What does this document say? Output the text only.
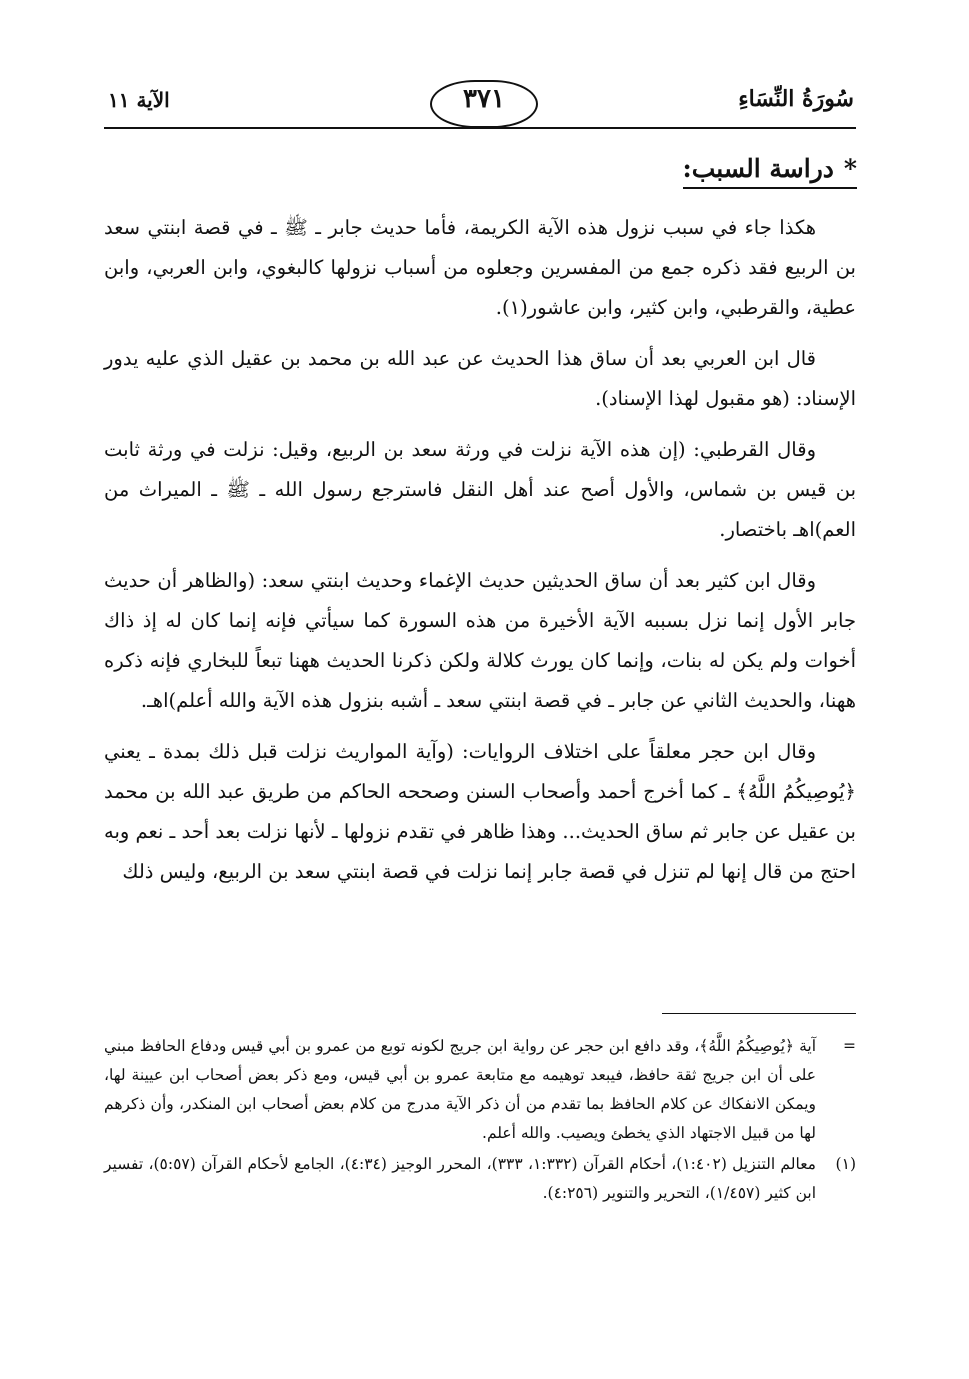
سُورَةُ النِّسَاءِ
٣٧١
الآية ١١
*دراسة السبب:

هكذا جاء في سبب نزول هذه الآية الكريمة، فأما حديث جابر ـ ﷺ ـ في قصة ابنتي سعد بن الربيع فقد ذكره جمع من المفسرين وجعلوه من أسباب نزولها كالبغوي، وابن العربي، وابن عطية، والقرطبي، وابن كثير، وابن عاشور(١).

قال ابن العربي بعد أن ساق هذا الحديث عن عبد الله بن محمد بن عقيل الذي عليه يدور الإسناد: (هو مقبول لهذا الإسناد).

وقال القرطبي: (إن هذه الآية نزلت في ورثة سعد بن الربيع، وقيل: نزلت في ورثة ثابت بن قيس بن شماس، والأول أصح عند أهل النقل فاسترجع رسول الله ـ ﷺ ـ الميراث من العم)اهـ باختصار.

وقال ابن كثير بعد أن ساق الحديثين حديث الإغماء وحديث ابنتي سعد: (والظاهر أن حديث جابر الأول إنما نزل بسببه الآية الأخيرة من هذه السورة كما سيأتي فإنه إنما كان له إذ ذاك أخوات ولم يكن له بنات، وإنما كان يورث كلالة ولكن ذكرنا الحديث ههنا تبعاً للبخاري فإنه ذكره ههنا، والحديث الثاني عن جابر ـ في قصة ابنتي سعد ـ أشبه بنزول هذه الآية والله أعلم)اهـ.

وقال ابن حجر معلقاً على اختلاف الروايات: (وآية المواريث نزلت قبل ذلك بمدة ـ يعني ﴿يُوصِيكُمُ اللَّهُ﴾ ـ كما أخرج أحمد وأصحاب السنن وصححه الحاكم من طريق عبد الله بن محمد بن عقيل عن جابر ثم ساق الحديث... وهذا ظاهر في تقدم نزولها ـ لأنها نزلت بعد أحد ـ نعم وبه احتج من قال إنها لم تنزل في قصة جابر إنما نزلت في قصة ابنتي سعد بن الربيع، وليس ذلك

=
آية ﴿يُوصِيكُمُ اللَّهُ﴾، وقد دافع ابن حجر عن رواية ابن جريج لكونه توبع من عمرو بن أبي قيس ودفاع الحافظ مبني على أن ابن جريج ثقة حافظ، فيبعد توهيمه مع متابعة عمرو بن أبي قيس، ومع ذكر بعض أصحاب ابن عيينة لها، ويمكن الانفكاك عن كلام الحافظ بما تقدم من أن ذكر الآية مدرج من كلام بعض أصحاب ابن المنكدر، وأن ذكرهم لها من قبيل الاجتهاد الذي يخطئ ويصيب. والله أعلم.
(١)
معالم التنزيل (١:٤٠٢)، أحكام القرآن (١:٣٣٢، ٣٣٣)، المحرر الوجيز (٤:٣٤)، الجامع لأحكام القرآن (٥:٥٧)، تفسير ابن كثير (١/٤٥٧)، التحرير والتنوير (٤:٢٥٦).
